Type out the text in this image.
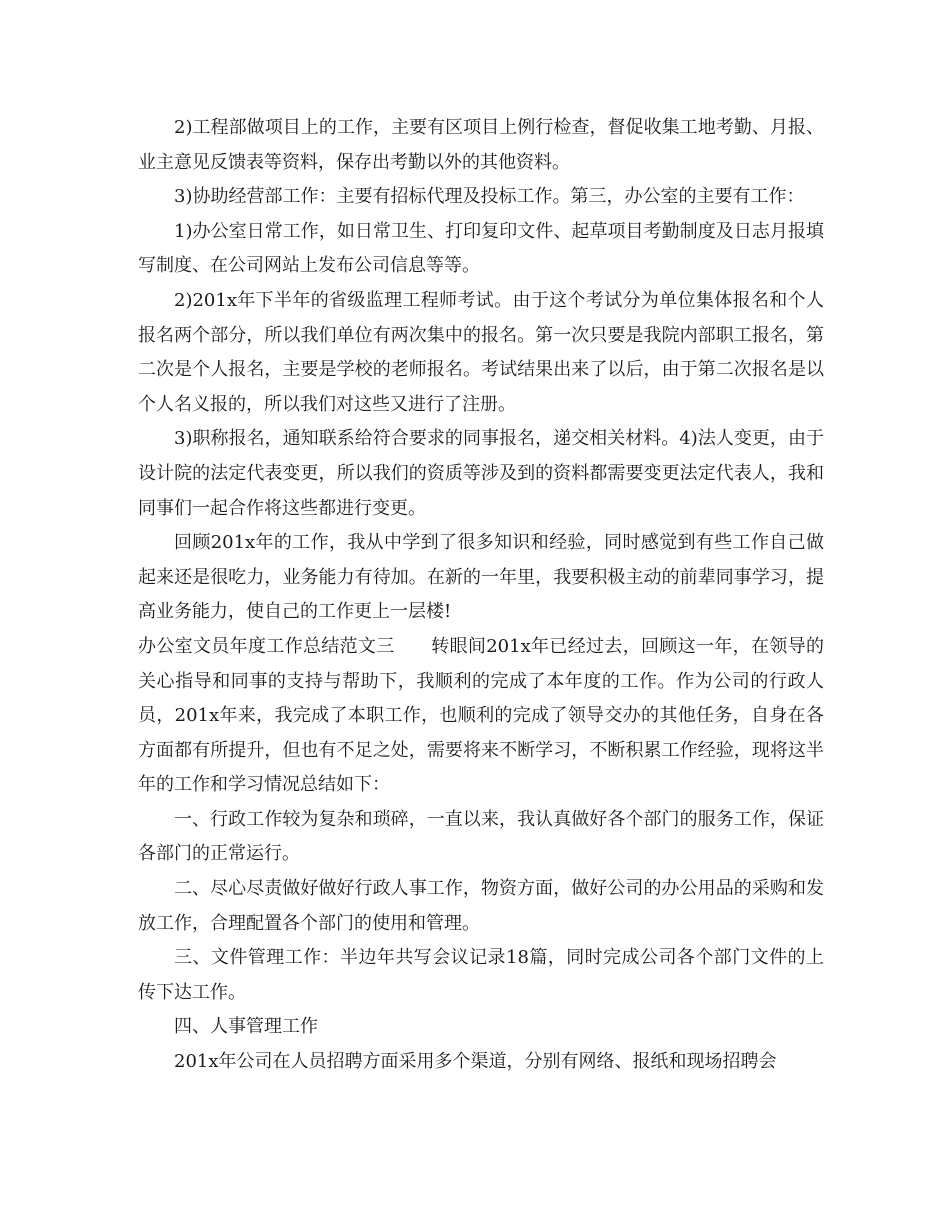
2)工程部做项目上的工作，主要有区项目上例行检查，督促收集工地考勤、月报、业主意见反馈表等资料，保存出考勤以外的其他资料。

3)协助经营部工作：主要有招标代理及投标工作。第三，办公室的主要有工作：

1)办公室日常工作，如日常卫生、打印复印文件、起草项目考勤制度及日志月报填写制度、在公司网站上发布公司信息等等。

2)201x年下半年的省级监理工程师考试。由于这个考试分为单位集体报名和个人报名两个部分，所以我们单位有两次集中的报名。第一次只要是我院内部职工报名，第二次是个人报名，主要是学校的老师报名。考试结果出来了以后，由于第二次报名是以个人名义报的，所以我们对这些又进行了注册。

3)职称报名，通知联系给符合要求的同事报名，递交相关材料。4)法人变更，由于设计院的法定代表变更，所以我们的资质等涉及到的资料都需要变更法定代表人，我和同事们一起合作将这些都进行变更。

回顾201x年的工作，我从中学到了很多知识和经验，同时感觉到有些工作自己做起来还是很吃力，业务能力有待加。在新的一年里，我要积极主动的前辈同事学习，提高业务能力，使自己的工作更上一层楼!

办公室文员年度工作总结范文三　　转眼间201x年已经过去，回顾这一年，在领导的关心指导和同事的支持与帮助下，我顺利的完成了本年度的工作。作为公司的行政人员，201x年来，我完成了本职工作，也顺利的完成了领导交办的其他任务，自身在各方面都有所提升，但也有不足之处，需要将来不断学习，不断积累工作经验，现将这半年的工作和学习情况总结如下：

一、行政工作较为复杂和琐碎，一直以来，我认真做好各个部门的服务工作，保证各部门的正常运行。

二、尽心尽责做好做好行政人事工作，物资方面，做好公司的办公用品的采购和发放工作，合理配置各个部门的使用和管理。

三、文件管理工作：半边年共写会议记录18篇，同时完成公司各个部门文件的上传下达工作。

四、人事管理工作

201x年公司在人员招聘方面采用多个渠道，分别有网络、报纸和现场招聘会
